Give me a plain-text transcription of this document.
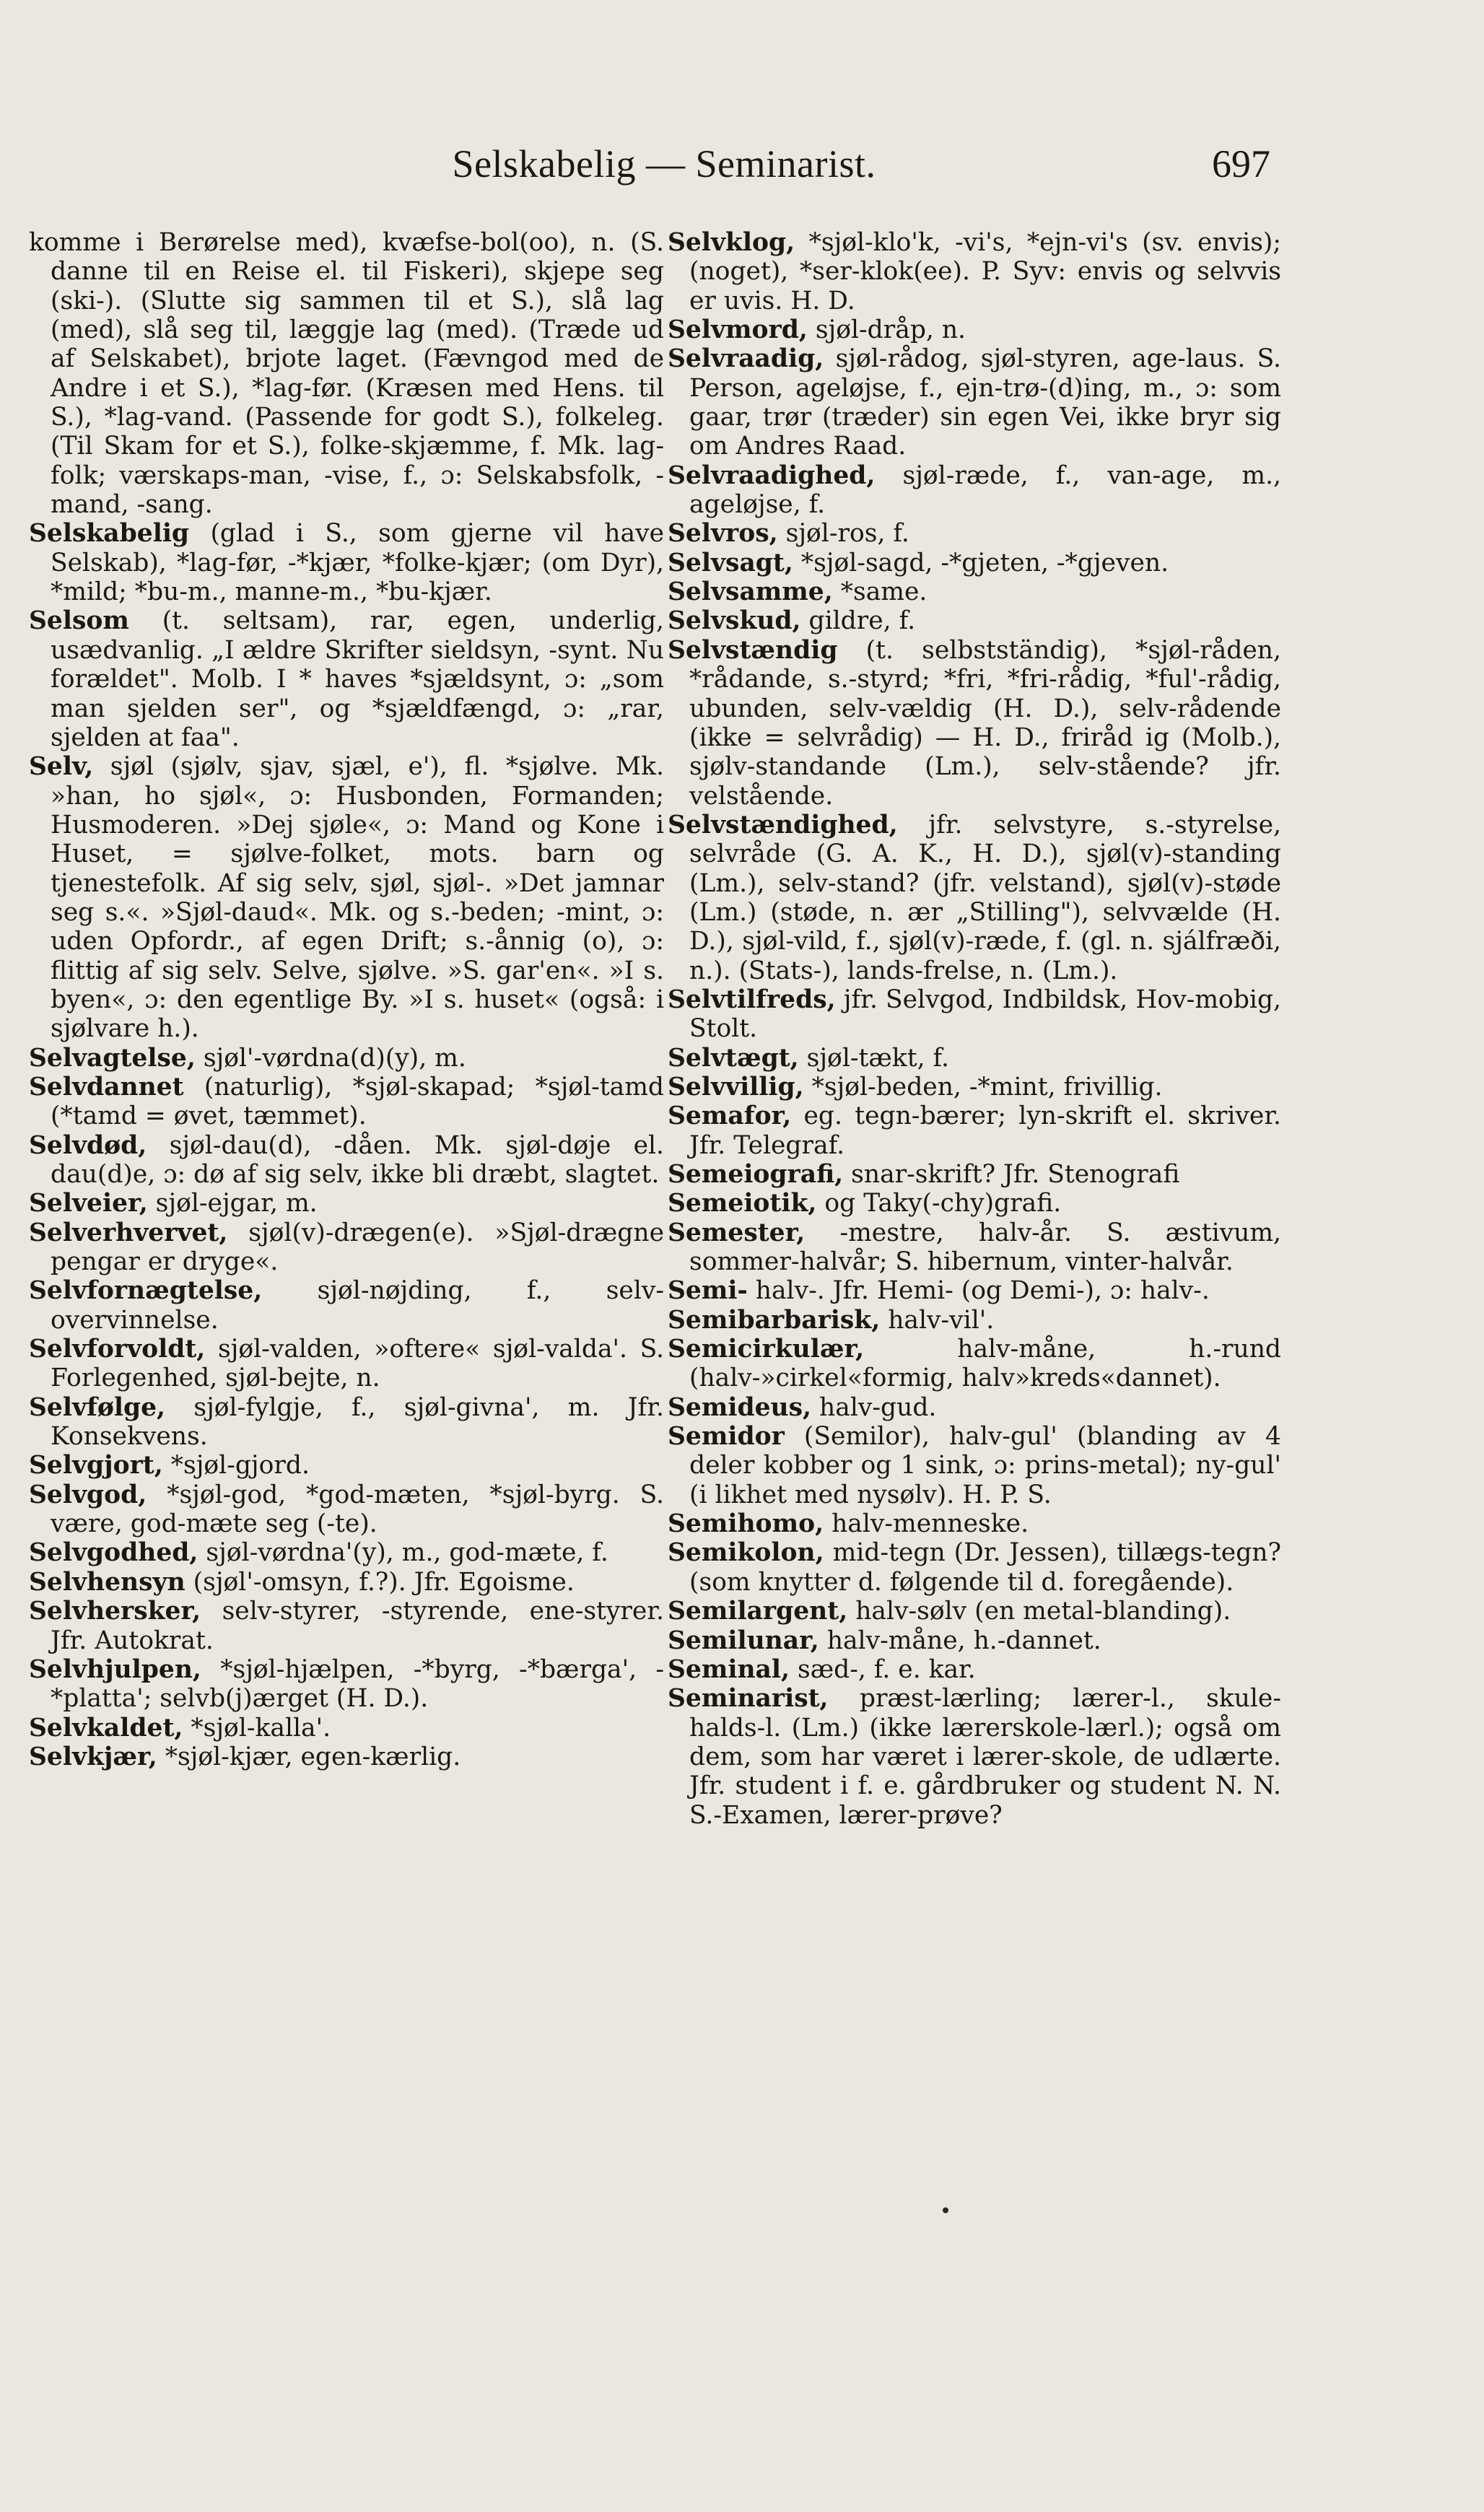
Selskabelig — Seminarist.	697

komme i Berørelse med), kvæfse-bol(oo), n. (S. danne til en Reise el. til Fiskeri), skjepe seg (ski-). (Slutte sig sammen til et S.), slå lag (med), slå seg til, læggje lag (med). (Træde ud af Selskabet), brjote laget. (Fævngod med de Andre i et S.), *lag-før. (Kræsen med Hens. til S.), *lag-vand. (Passende for godt S.), folkeleg. (Til Skam for et S.), folke-skjæmme, f. Mk. lag-folk; værskaps-man, -vise, f., ɔ: Selskabsfolk, -mand, -sang.

Selskabelig (glad i S., som gjerne vil have Selskab), *lag-før, -*kjær, *folke-kjær; (om Dyr), *mild; *bu-m., manne-m., *bu-kjær.

Selsom (t. seltsam), rar, egen, underlig, usædvanlig. „I ældre Skrifter sieldsyn, -synt. Nu forældet". Molb. I * haves *sjældsynt, ɔ: „som man sjelden ser", og *sjældfængd, ɔ: „rar, sjelden at faa".

Selv, sjøl (sjølv, sjav, sjæl, e'), fl. *sjølve. Mk. »han, ho sjøl«, ɔ: Husbonden, Formanden; Husmoderen. »Dej sjøle«, ɔ: Mand og Kone i Huset, = sjølve-folket, mots. barn og tjenestefolk. Af sig selv, sjøl, sjøl-. »Det jamnar seg s.«. »Sjøl-daud«. Mk. og s.-beden; -mint, ɔ: uden Opfordr., af egen Drift; s.-ånnig (o), ɔ: flittig af sig selv. Selve, sjølve. »S. gar'en«. »I s. byen«, ɔ: den egentlige By. »I s. huset« (også: i sjølvare h.).

Selvagtelse, sjøl'-vørdna(d)(y), m.

Selvdannet (naturlig), *sjøl-skapad; *sjøl-tamd (*tamd = øvet, tæmmet).

Selvdød, sjøl-dau(d), -dåen. Mk. sjøl-døje el. dau(d)e, ɔ: dø af sig selv, ikke bli dræbt, slagtet.

Selveier, sjøl-ejgar, m.

Selverhvervet, sjøl(v)-drægen(e). »Sjøl-drægne pengar er dryge«.

Selvfornægtelse, sjøl-nøjding, f., selv-overvinnelse.

Selvforvoldt, sjøl-valden, »oftere« sjøl-valda'. S. Forlegenhed, sjøl-bejte, n.

Selvfølge, sjøl-fylgje, f., sjøl-givna', m. Jfr. Konsekvens.

Selvgjort, *sjøl-gjord.

Selvgod, *sjøl-god, *god-mæten, *sjøl-byrg. S. være, god-mæte seg (-te).

Selvgodhed, sjøl-vørdna'(y), m., god-mæte, f.

Selvhensyn (sjøl'-omsyn, f.?). Jfr. Egoisme.

Selvhersker, selv-styrer, -styrende, ene-styrer. Jfr. Autokrat.

Selvhjulpen, *sjøl-hjælpen, -*byrg, -*bærga', -*platta'; selvb(j)ærget (H. D.).

Selvkaldet, *sjøl-kalla'.

Selvkjær, *sjøl-kjær, egen-kærlig.

Selvklog, *sjøl-klo'k, -vi's, *ejn-vi's (sv. envis); (noget), *ser-klok(ee). P. Syv: envis og selvvis er uvis. H. D.

Selvmord, sjøl-dråp, n.

Selvraadig, sjøl-rådog, sjøl-styren, age-laus. S. Person, ageløjse, f., ejn-trø-(d)ing, m., ɔ: som gaar, trør (træder) sin egen Vei, ikke bryr sig om Andres Raad.

Selvraadighed, sjøl-ræde, f., van-age, m., ageløjse, f.

Selvros, sjøl-ros, f.

Selvsagt, *sjøl-sagd, -*gjeten, -*gjeven.

Selvsamme, *same.

Selvskud, gildre, f.

Selvstændig (t. selbstständig), *sjøl-råden, *rådande, s.-styrd; *fri, *fri-rådig, *ful'-rådig, ubunden, selv-vældig (H. D.), selv-rådende (ikke = selvrådig) — H. D., friråd ig (Molb.), sjølv-standande (Lm.), selv-stående? jfr. velstående.

Selvstændighed, jfr. selvstyre, s.-styrelse, selvråde (G. A. K., H. D.), sjøl(v)-standing (Lm.), selv-stand? (jfr. velstand), sjøl(v)-støde (Lm.) (støde, n. ær „Stilling"), selvvælde (H. D.), sjøl-vild, f., sjøl(v)-ræde, f. (gl. n. sjálfræði, n.). (Stats-), lands-frelse, n. (Lm.).

Selvtilfreds, jfr. Selvgod, Indbildsk, Hov-mobig, Stolt.

Selvtægt, sjøl-tækt, f.

Selvvillig, *sjøl-beden, -*mint, frivillig.

Semafor, eg. tegn-bærer; lyn-skrift el. skriver. Jfr. Telegraf.

Semeiografi, snar-skrift? Jfr. Stenografi

Semeiotik, og Taky(-chy)grafi.

Semester, -mestre, halv-år. S. æstivum, sommer-halvår; S. hibernum, vinter-halvår.

Semi- halv-. Jfr. Hemi- (og Demi-), ɔ: halv-.

Semibarbarisk, halv-vil'.

Semicirkulær,	halv-måne, h.-rund (halv-»cirkel«formig, halv»kreds«dannet).

Semideus, halv-gud.

Semidor (Semilor), halv-gul' (blanding av 4 deler kobber og 1 sink, ɔ: prins-metal); ny-gul' (i likhet med nysølv). H. P. S.

Semihomo, halv-menneske.

Semikolon, mid-tegn (Dr. Jessen), tillægs-tegn? (som knytter d. følgende til d. foregående).

Semilargent, halv-sølv (en metal-blanding).

Semilunar, halv-måne, h.-dannet.

Seminal, sæd-, f. e. kar.

Seminarist, præst-lærling; lærer-l., skule-halds-l. (Lm.) (ikke lærerskole-lærl.); også om dem, som har været i lærer-skole, de udlærte. Jfr. student i f. e. gårdbruker og student N. N. S.-Examen, lærer-prøve?
